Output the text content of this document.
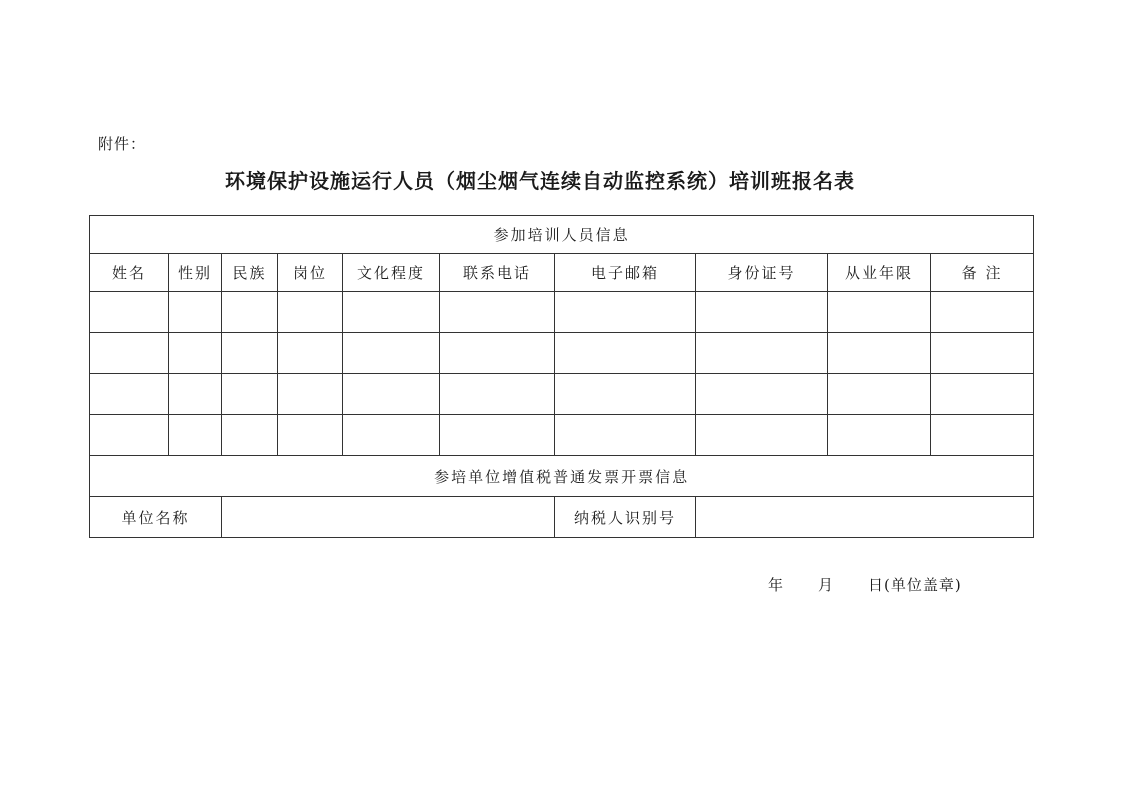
附件：
环境保护设施运行人员（烟尘烟气连续自动监控系统）培训班报名表
参加培训人员信息									
姓名	性别	民族	岗位	文化程度	联系电话	电子邮箱	身份证号	从业年限	备 注

参培单位增值税普通发票开票信息									
单位名称						纳税人识别号			
年 月 日(单位盖章)
